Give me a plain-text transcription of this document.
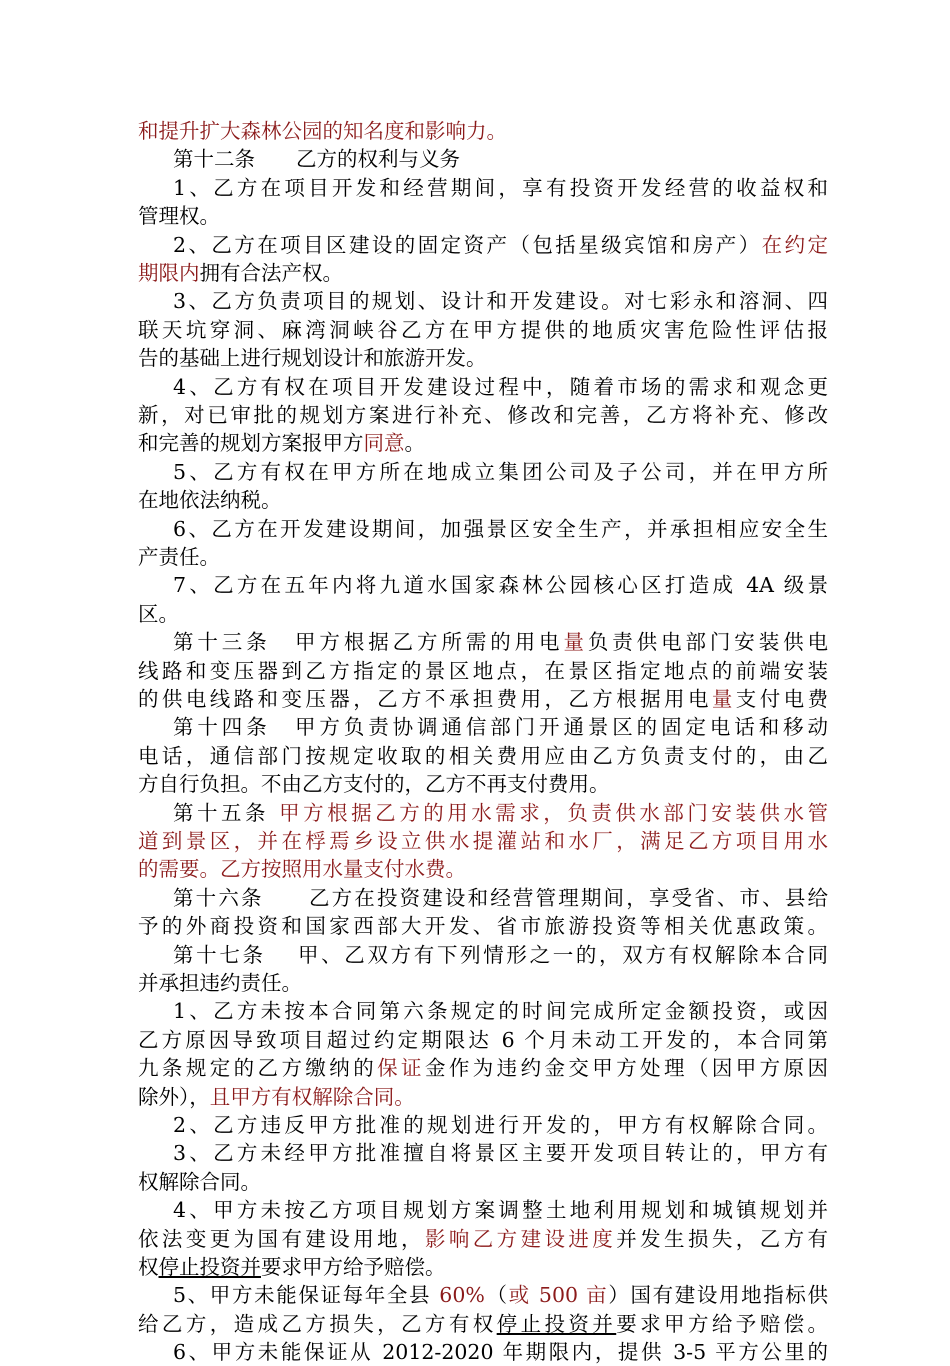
和提升扩大森林公园的知名度和影响力。
第十二条　　乙方的权利与义务
1、乙方在项目开发和经营期间，享有投资开发经营的收益权和
管理权。
2、乙方在项目区建设的固定资产（包括星级宾馆和房产）在约定
期限内拥有合法产权。
3、乙方负责项目的规划、设计和开发建设。对七彩永和溶洞、四
联天坑穿洞、麻湾洞峡谷乙方在甲方提供的地质灾害危险性评估报
告的基础上进行规划设计和旅游开发。
4、乙方有权在项目开发建设过程中，随着市场的需求和观念更
新，对已审批的规划方案进行补充、修改和完善，乙方将补充、修改
和完善的规划方案报甲方同意。
5、乙方有权在甲方所在地成立集团公司及子公司，并在甲方所
在地依法纳税。
6、乙方在开发建设期间，加强景区安全生产，并承担相应安全生
产责任。
7、乙方在五年内将九道水国家森林公园核心区打造成 4A 级景
区。
第十三条　甲方根据乙方所需的用电量负责供电部门安装供电
线路和变压器到乙方指定的景区地点，在景区指定地点的前端安装
的供电线路和变压器，乙方不承担费用，乙方根据用电量支付电费
第十四条　甲方负责协调通信部门开通景区的固定电话和移动
电话，通信部门按规定收取的相关费用应由乙方负责支付的，由乙
方自行负担。不由乙方支付的，乙方不再支付费用。
第十五条 甲方根据乙方的用水需求，负责供水部门安装供水管
道到景区，并在桴焉乡设立供水提灌站和水厂，满足乙方项目用水
的需要。乙方按照用水量支付水费。
第十六条　　乙方在投资建设和经营管理期间，享受省、市、县给
予的外商投资和国家西部大开发、省市旅游投资等相关优惠政策。
第十七条　 甲、乙双方有下列情形之一的，双方有权解除本合同
并承担违约责任。
1、乙方未按本合同第六条规定的时间完成所定金额投资，或因
乙方原因导致项目超过约定期限达 6 个月未动工开发的，本合同第
九条规定的乙方缴纳的保证金作为违约金交甲方处理（因甲方原因
除外），且甲方有权解除合同。
2、乙方违反甲方批准的规划进行开发的，甲方有权解除合同。
3、乙方未经甲方批准擅自将景区主要开发项目转让的，甲方有
权解除合同。
4、甲方未按乙方项目规划方案调整土地利用规划和城镇规划并
依法变更为国有建设用地，影响乙方建设进度并发生损失，乙方有
权停止投资并要求甲方给予赔偿。
5、甲方未能保证每年全县 60%（或 500 亩）国有建设用地指标供
给乙方，造成乙方损失，乙方有权停止投资并要求甲方给予赔偿。
6、甲方未能保证从 2012-2020 年期限内，提供 3-5 平方公里的
